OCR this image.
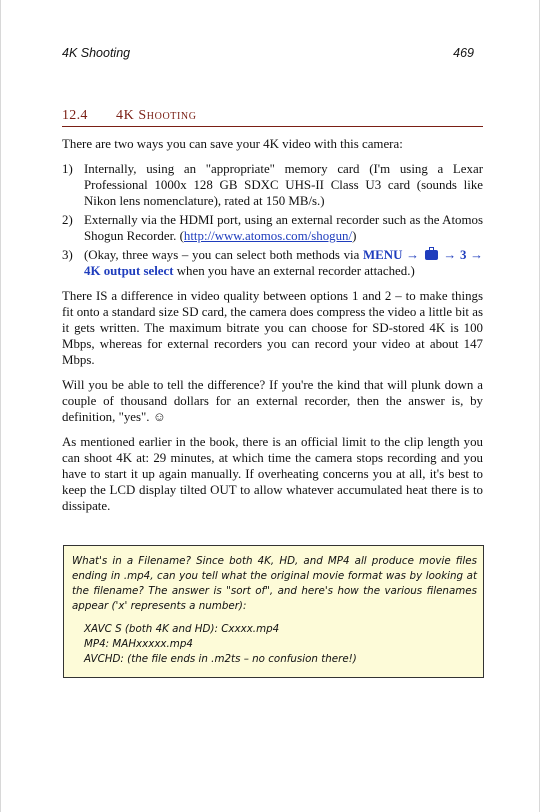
4K Shooting	469
12.4 4K Shooting

There are two ways you can save your 4K video with this camera:

1) Internally, using an "appropriate" memory card (I'm using a Lexar Professional 1000x 128 GB SDXC UHS-II Class U3 card (sounds like Nikon lens nomenclature), rated at 150 MB/s.)
2) Externally via the HDMI port, using an external recorder such as the Atomos Shogun Recorder. (http://www.atomos.com/shogun/)
3) (Okay, three ways – you can select both methods via MENU → → 3 → 4K output select when you have an external recorder attached.)

There IS a difference in video quality between options 1 and 2 – to make things fit onto a standard size SD card, the camera does compress the video a little bit as it gets written. The maximum bitrate you can choose for SD-stored 4K is 100 Mbps, whereas for external recorders you can record your video at about 147 Mbps.

Will you be able to tell the difference? If you're the kind that will plunk down a couple of thousand dollars for an external recorder, then the answer is, by definition, "yes". ☺

As mentioned earlier in the book, there is an official limit to the clip length you can shoot 4K at: 29 minutes, at which time the camera stops recording and you have to start it up again manually. If overheating concerns you at all, it's best to keep the LCD display tilted OUT to allow whatever accumulated heat there is to dissipate.

What's in a Filename? Since both 4K, HD, and MP4 all produce movie files ending in .mp4, can you tell what the original movie format was by looking at the filename? The answer is "sort of", and here's how the various filenames appear ('x' represents a number):

XAVC S (both 4K and HD): Cxxxx.mp4
MP4: MAHxxxxx.mp4
AVCHD: (the file ends in .m2ts – no confusion there!)
